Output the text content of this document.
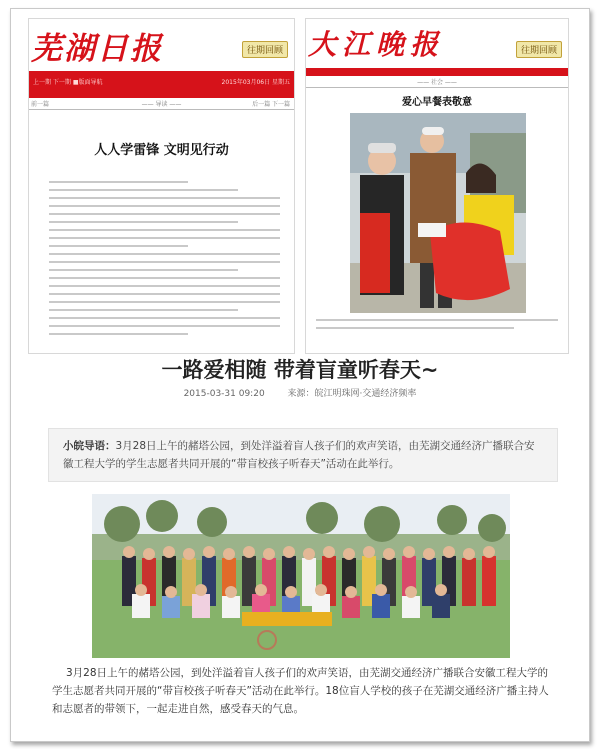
芜湖日报	往期回顾
上一期 下一期 ■版面导航	2015年03月06日 星期五
前一篇	—— 导读 ——	后一篇 下一篇
人人学雷锋 文明见行动
大江晚报	往期回顾
—— 社会 ——
爱心早餐表敬意
一路爱相随 带着盲童听春天~
2015-03-31 09:20	来源：皖江明珠网·交通经济频率
小皖导语：3月28日上午的赭塔公园，到处洋溢着盲人孩子们的欢声笑语，由芜湖交通经济广播联合安徽工程大学的学生志愿者共同开展的“带盲校孩子听春天”活动在此举行。
3月28日上午的赭塔公园，到处洋溢着盲人孩子们的欢声笑语，由芜湖交通经济广播联合安徽工程大学的学生志愿者共同开展的“带盲校孩子听春天”活动在此举行。18位盲人学校的孩子在芜湖交通经济广播主持人和志愿者的带领下，一起走进自然，感受春天的气息。
